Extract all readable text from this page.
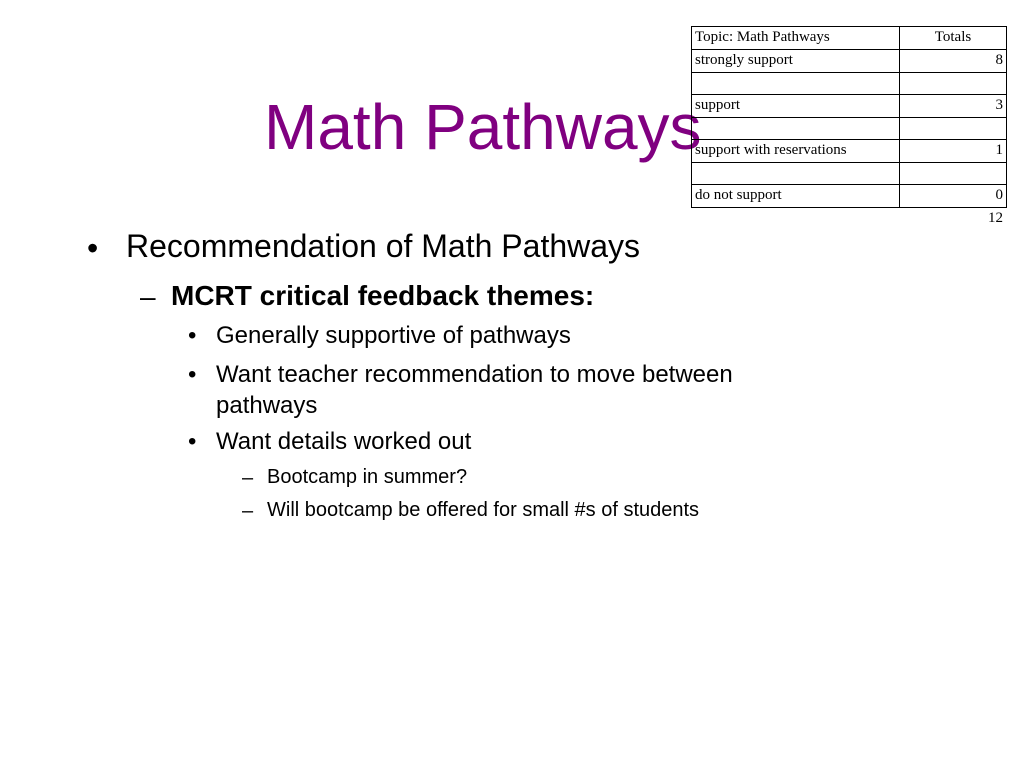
Math Pathways
Topic: Math Pathways	Totals
strongly support	8

support	3

support with reservations	1

do not support	0
12
• Recommendation of Math Pathways
– MCRT critical feedback themes:
• Generally supportive of pathways
• Want teacher recommendation to move between
pathways
• Want details worked out
– Bootcamp in summer?
– Will bootcamp be offered for small #s of students
